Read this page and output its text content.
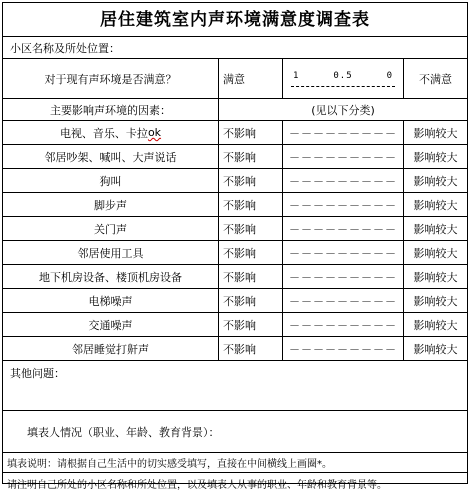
居住建筑室内声环境满意度调查表
小区名称及所处位置：
对于现有声环境是否满意？	满意	1	0.5	0	不满意
主要影响声环境的因素：	(见以下分类)
电视、音乐、卡拉 ok	不影响	－－－－－－－－－	影响较大
邻居吵架、喊叫、大声说话	不影响	－－－－－－－－－	影响较大
狗叫	不影响	－－－－－－－－－	影响较大
脚步声	不影响	－－－－－－－－－	影响较大
关门声	不影响	－－－－－－－－－	影响较大
邻居使用工具	不影响	－－－－－－－－－	影响较大
地下机房设备、楼顶机房设备	不影响	－－－－－－－－－	影响较大
电梯噪声	不影响	－－－－－－－－－	影响较大
交通噪声	不影响	－－－－－－－－－	影响较大
邻居睡觉打鼾声	不影响	－－－－－－－－－	影响较大
其他问题：
填表人情况（职业、年龄、教育背景）：
填表说明：请根据自己生活中的切实感受填写，直接在中间横线上画圈*。
请注明自己所处的小区名称和所处位置，以及填表人从事的职业、年龄和教育背景等。
